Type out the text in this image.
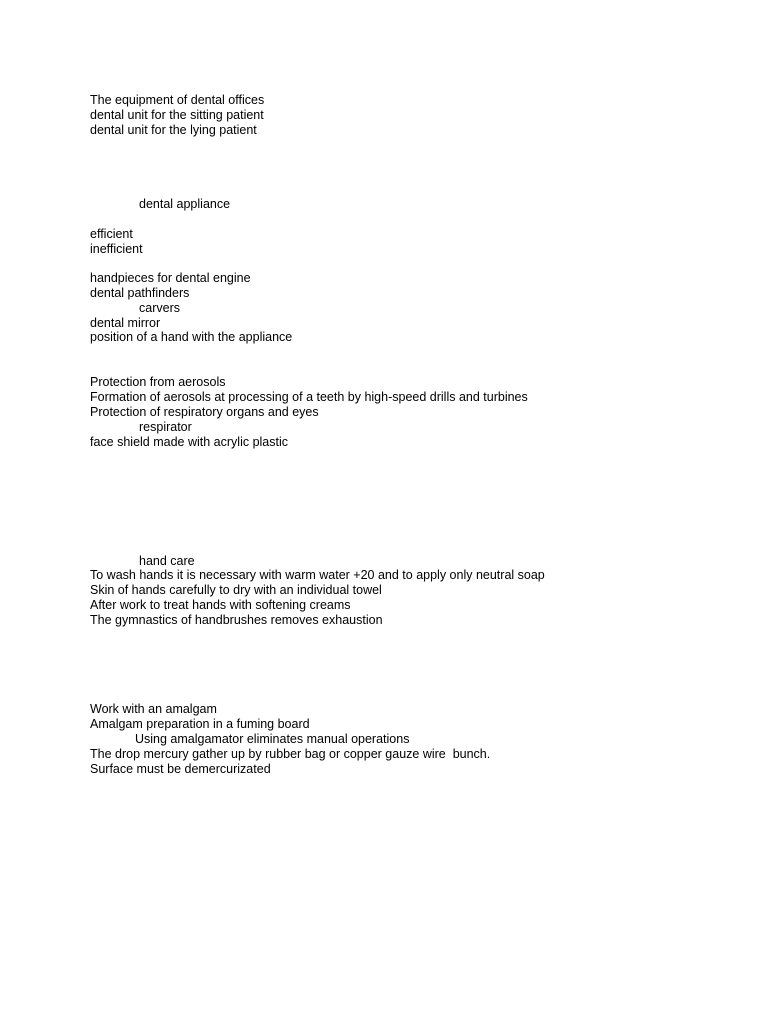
The equipment of dental offices
dental unit for the sitting patient
dental unit for the lying patient
dental appliance
efficient
inefficient
handpieces for dental engine
dental pathfinders
carvers
dental mirror
position of a hand with the appliance
Protection from aerosols
Formation of aerosols at processing of a teeth by high-speed drills and turbines
Protection of respiratory organs and eyes
respirator
face shield made with acrylic plastic
hand care
To wash hands it is necessary with warm water +20 and to apply only neutral soap
Skin of hands carefully to dry with an individual towel
After work to treat hands with softening creams
The gymnastics of handbrushes removes exhaustion
Work with an amalgam
Amalgam preparation in a fuming board
Using amalgamator eliminates manual operations
The drop mercury gather up by rubber bag or copper gauze wire  bunch.
Surface must be demercurizated
